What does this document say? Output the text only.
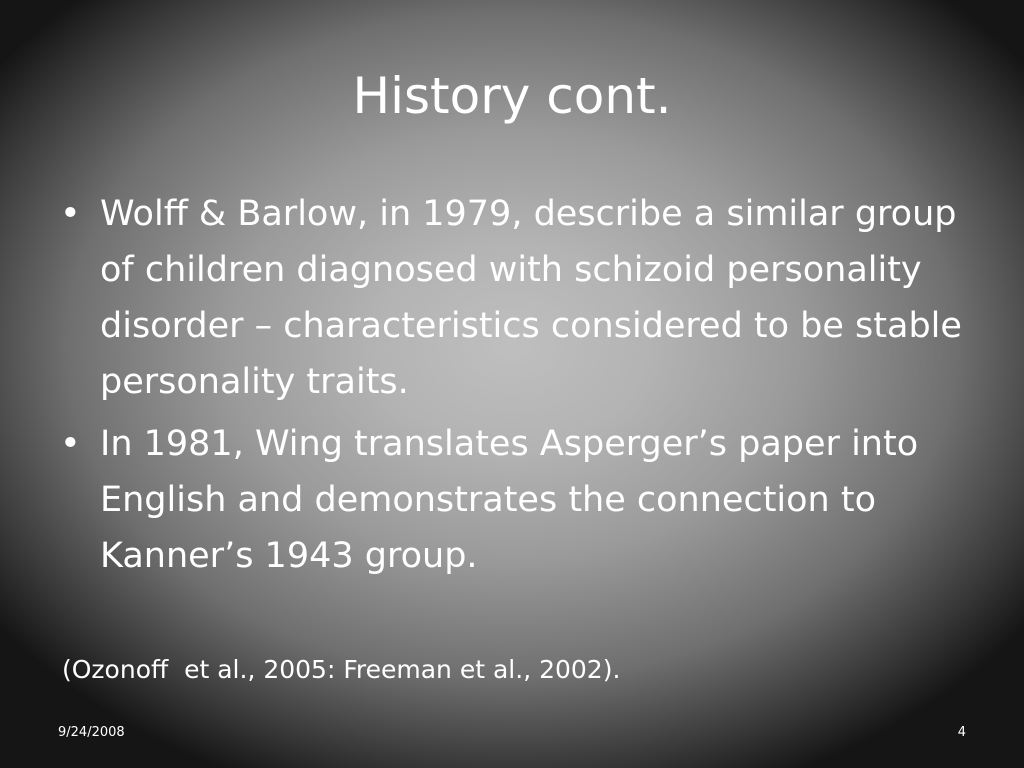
History cont.
• Wolff & Barlow, in 1979, describe a similar group of children diagnosed with schizoid personality disorder – characteristics considered to be stable personality traits.
• In 1981, Wing translates Asperger’s paper into English and demonstrates the connection to Kanner’s 1943 group.
(Ozonoff  et al., 2005: Freeman et al., 2002).
9/24/2008	4
